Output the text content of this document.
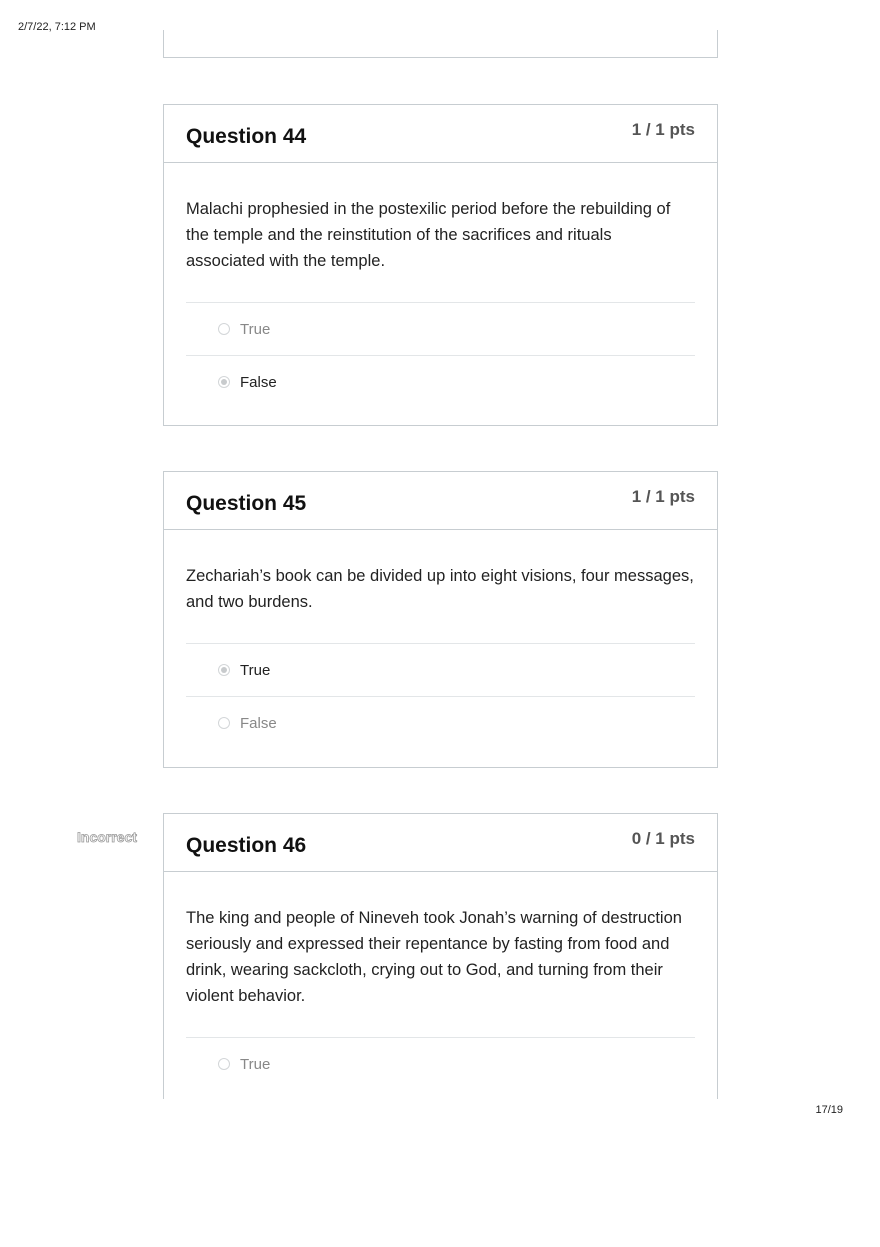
2/7/22, 7:12 PM
Question 44	1 / 1 pts
Malachi prophesied in the postexilic period before the rebuilding of the temple and the reinstitution of the sacrifices and rituals associated with the temple.
True
False
Question 45	1 / 1 pts
Zechariah’s book can be divided up into eight visions, four messages, and two burdens.
True
False
Incorrect Question 46	0 / 1 pts
The king and people of Nineveh took Jonah’s warning of destruction seriously and expressed their repentance by fasting from food and drink, wearing sackcloth, crying out to God, and turning from their violent behavior.
True
17/19
